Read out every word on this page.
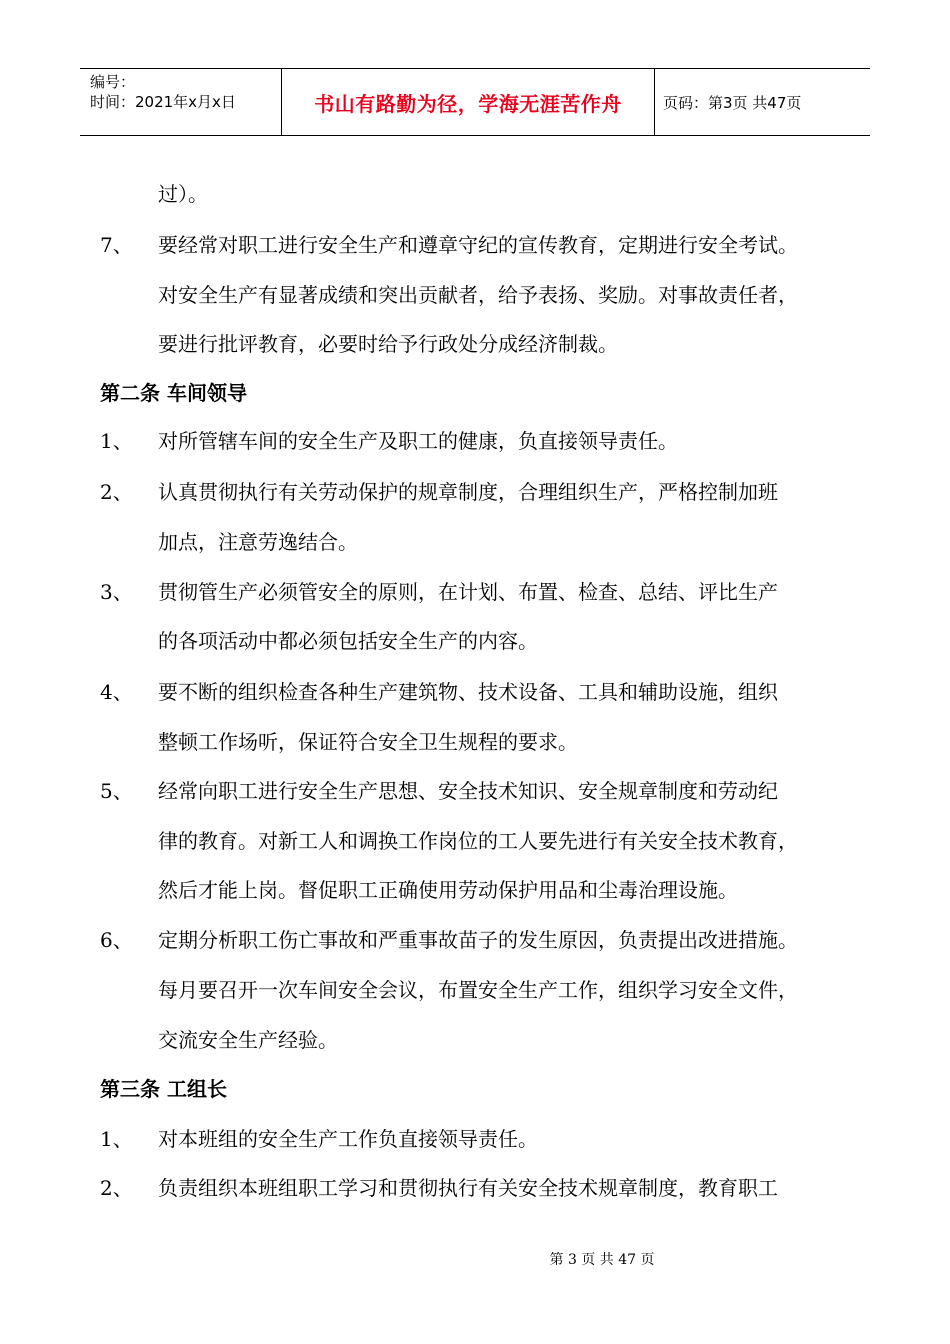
编号：
时间：2021年x月x日	书山有路勤为径，学海无涯苦作舟	页码：第3页 共47页
过）。
7、 要经常对职工进行安全生产和遵章守纪的宣传教育，定期进行安全考试。
对安全生产有显著成绩和突出贡献者，给予表扬、奖励。对事故责任者，
要进行批评教育，必要时给予行政处分成经济制裁。
第二条 车间领导
1、 对所管辖车间的安全生产及职工的健康，负直接领导责任。
2、 认真贯彻执行有关劳动保护的规章制度，合理组织生产，严格控制加班
加点，注意劳逸结合。
3、 贯彻管生产必须管安全的原则，在计划、布置、检查、总结、评比生产
的各项活动中都必须包括安全生产的内容。
4、 要不断的组织检查各种生产建筑物、技术设备、工具和辅助设施，组织
整顿工作场听，保证符合安全卫生规程的要求。
5、 经常向职工进行安全生产思想、安全技术知识、安全规章制度和劳动纪
律的教育。对新工人和调换工作岗位的工人要先进行有关安全技术教育，
然后才能上岗。督促职工正确使用劳动保护用品和尘毒治理设施。
6、 定期分析职工伤亡事故和严重事故苗子的发生原因，负责提出改进措施。
每月要召开一次车间安全会议，布置安全生产工作，组织学习安全文件，
交流安全生产经验。
第三条 工组长
1、 对本班组的安全生产工作负直接领导责任。
2、 负责组织本班组职工学习和贯彻执行有关安全技术规章制度，教育职工
第 3 页 共 47 页
